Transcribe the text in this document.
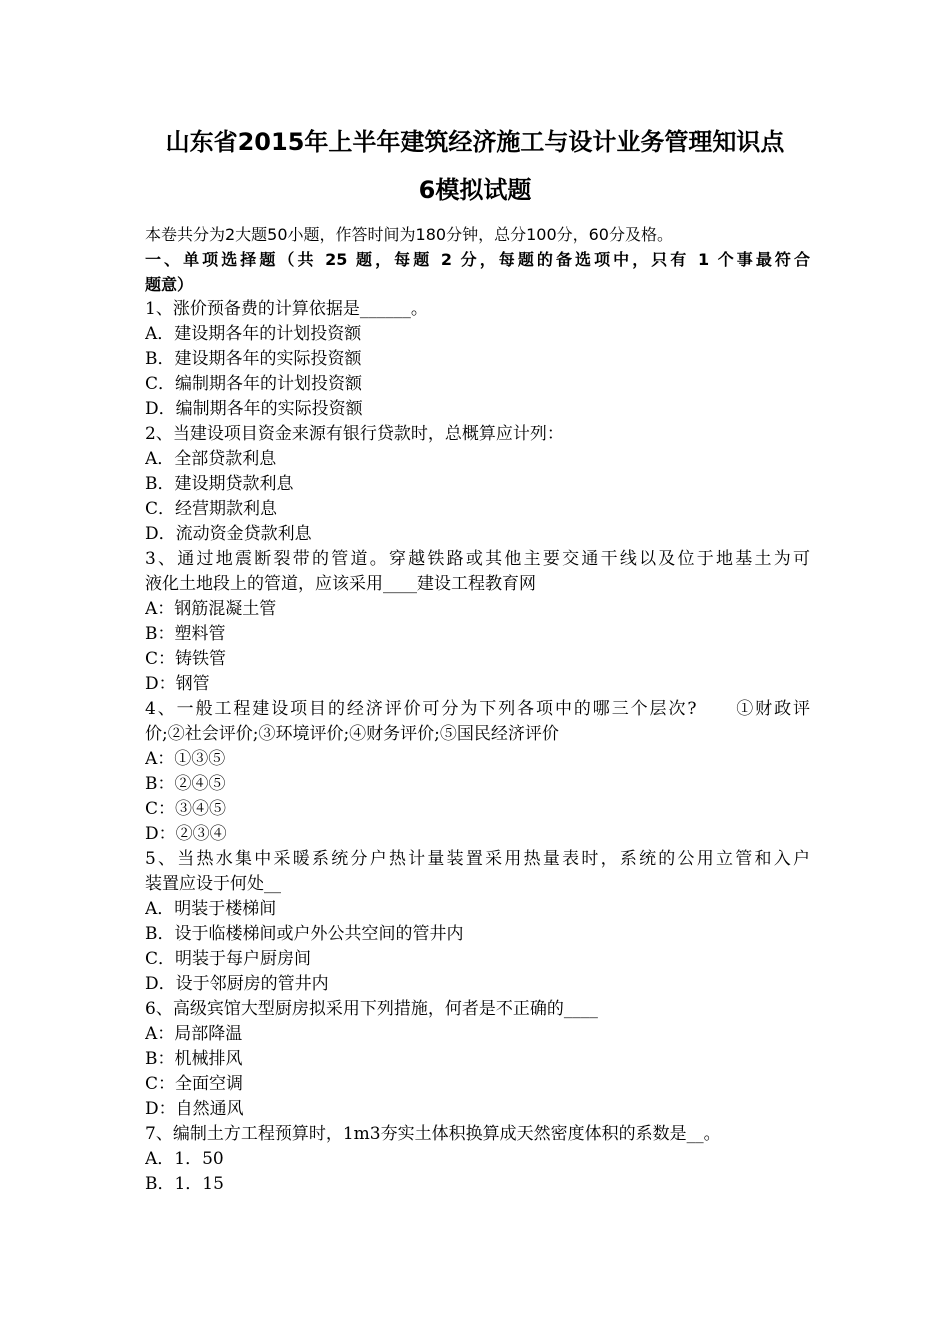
山东省2015年上半年建筑经济施工与设计业务管理知识点
6模拟试题
本卷共分为2大题50小题，作答时间为180分钟，总分100分，60分及格。
一、单项选择题（共 25 题，每题 2 分，每题的备选项中，只有 1 个事最符合
题意）
1、涨价预备费的计算依据是______。
A．建设期各年的计划投资额
B．建设期各年的实际投资额
C．编制期各年的计划投资额
D．编制期各年的实际投资额
2、当建设项目资金来源有银行贷款时，总概算应计列：
A．全部贷款利息
B．建设期贷款利息
C．经营期款利息
D．流动资金贷款利息
3、通过地震断裂带的管道。穿越铁路或其他主要交通干线以及位于地基土为可
液化土地段上的管道，应该采用____建设工程教育网
A：钢筋混凝土管
B：塑料管
C：铸铁管
D：钢管
4、一般工程建设项目的经济评价可分为下列各项中的哪三个层次?　　①财政评
价;②社会评价;③环境评价;④财务评价;⑤国民经济评价
A：①③⑤
B：②④⑤
C：③④⑤
D：②③④
5、当热水集中采暖系统分户热计量装置采用热量表时，系统的公用立管和入户
装置应设于何处__
A．明装于楼梯间
B．设于临楼梯间或户外公共空间的管井内
C．明装于每户厨房间
D．设于邻厨房的管井内
6、高级宾馆大型厨房拟采用下列措施，何者是不正确的____
A：局部降温
B：机械排风
C：全面空调
D：自然通风
7、编制土方工程预算时，1m3夯实土体积换算成天然密度体积的系数是__。
A．1．50
B．1．15
